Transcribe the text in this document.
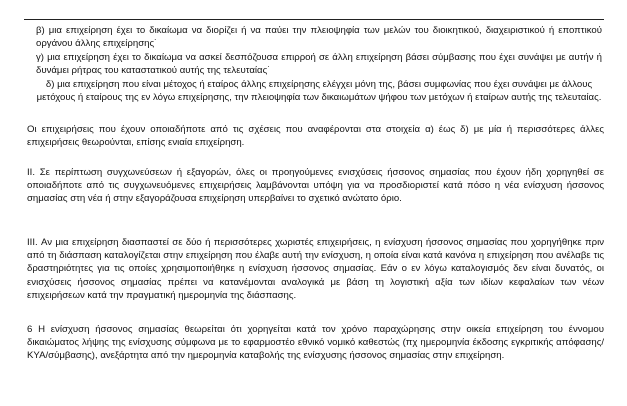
β) μια επιχείρηση έχει το δικαίωμα να διορίζει ή να παύει την πλειοψηφία των μελών του διοικητικού, διαχειριστικού ή εποπτικού οργάνου άλλης επιχείρησης˙

γ) μια επιχείρηση έχει το δικαίωμα να ασκεί δεσπόζουσα επιρροή σε άλλη επιχείρηση βάσει σύμβασης που έχει συνάψει με αυτήν ή δυνάμει ρήτρας του καταστατικού αυτής της τελευταίας˙

δ) μια επιχείρηση που είναι μέτοχος ή εταίρος άλλης επιχείρησης ελέγχει μόνη της, βάσει συμφωνίας που έχει συνάψει με άλλους μετόχους ή εταίρους της εν λόγω επιχείρησης, την πλειοψηφία των δικαιωμάτων ψήφου των μετόχων ή εταίρων αυτής της τελευταίας.

Οι επιχειρήσεις που έχουν οποιαδήποτε από τις σχέσεις που αναφέρονται στα στοιχεία α) έως δ) με μία ή περισσότερες άλλες επιχειρήσεις θεωρούνται, επίσης ενιαία επιχείρηση.

II. Σε περίπτωση συγχωνεύσεων ή εξαγορών, όλες οι προηγούμενες ενισχύσεις ήσσονος σημασίας που έχουν ήδη χορηγηθεί σε οποιαδήποτε από τις συγχωνευόμενες επιχειρήσεις λαμβάνονται υπόψη για να προσδιοριστεί κατά πόσο η νέα ενίσχυση ήσσονος σημασίας στη νέα ή στην εξαγοράζουσα επιχείρηση υπερβαίνει το σχετικό ανώτατο όριο.

III. Αν μια επιχείρηση διασπαστεί σε δύο ή περισσότερες χωριστές επιχειρήσεις, η ενίσχυση ήσσονος σημασίας που χορηγήθηκε πριν από τη διάσπαση καταλογίζεται στην επιχείρηση που έλαβε αυτή την ενίσχυση, η οποία είναι κατά κανόνα η επιχείρηση που ανέλαβε τις δραστηριότητες για τις οποίες χρησιμοποιήθηκε η ενίσχυση ήσσονος σημασίας. Εάν ο εν λόγω καταλογισμός δεν είναι δυνατός, οι ενισχύσεις ήσσονος σημασίας πρέπει να κατανέμονται αναλογικά με βάση τη λογιστική αξία των ιδίων κεφαλαίων των νέων επιχειρήσεων κατά την πραγματική ημερομηνία της διάσπασης.

6 Η ενίσχυση ήσσονος σημασίας θεωρείται ότι χορηγείται κατά τον χρόνο παραχώρησης στην οικεία επιχείρηση του έννομου δικαιώματος λήψης της ενίσχυσης σύμφωνα με το εφαρμοστέο εθνικό νομικό καθεστώς (πχ ημερομηνία έκδοσης εγκριτικής απόφασης/ΚΥΑ/σύμβασης), ανεξάρτητα από την ημερομηνία καταβολής της ενίσχυσης ήσσονος σημασίας στην επιχείρηση.
